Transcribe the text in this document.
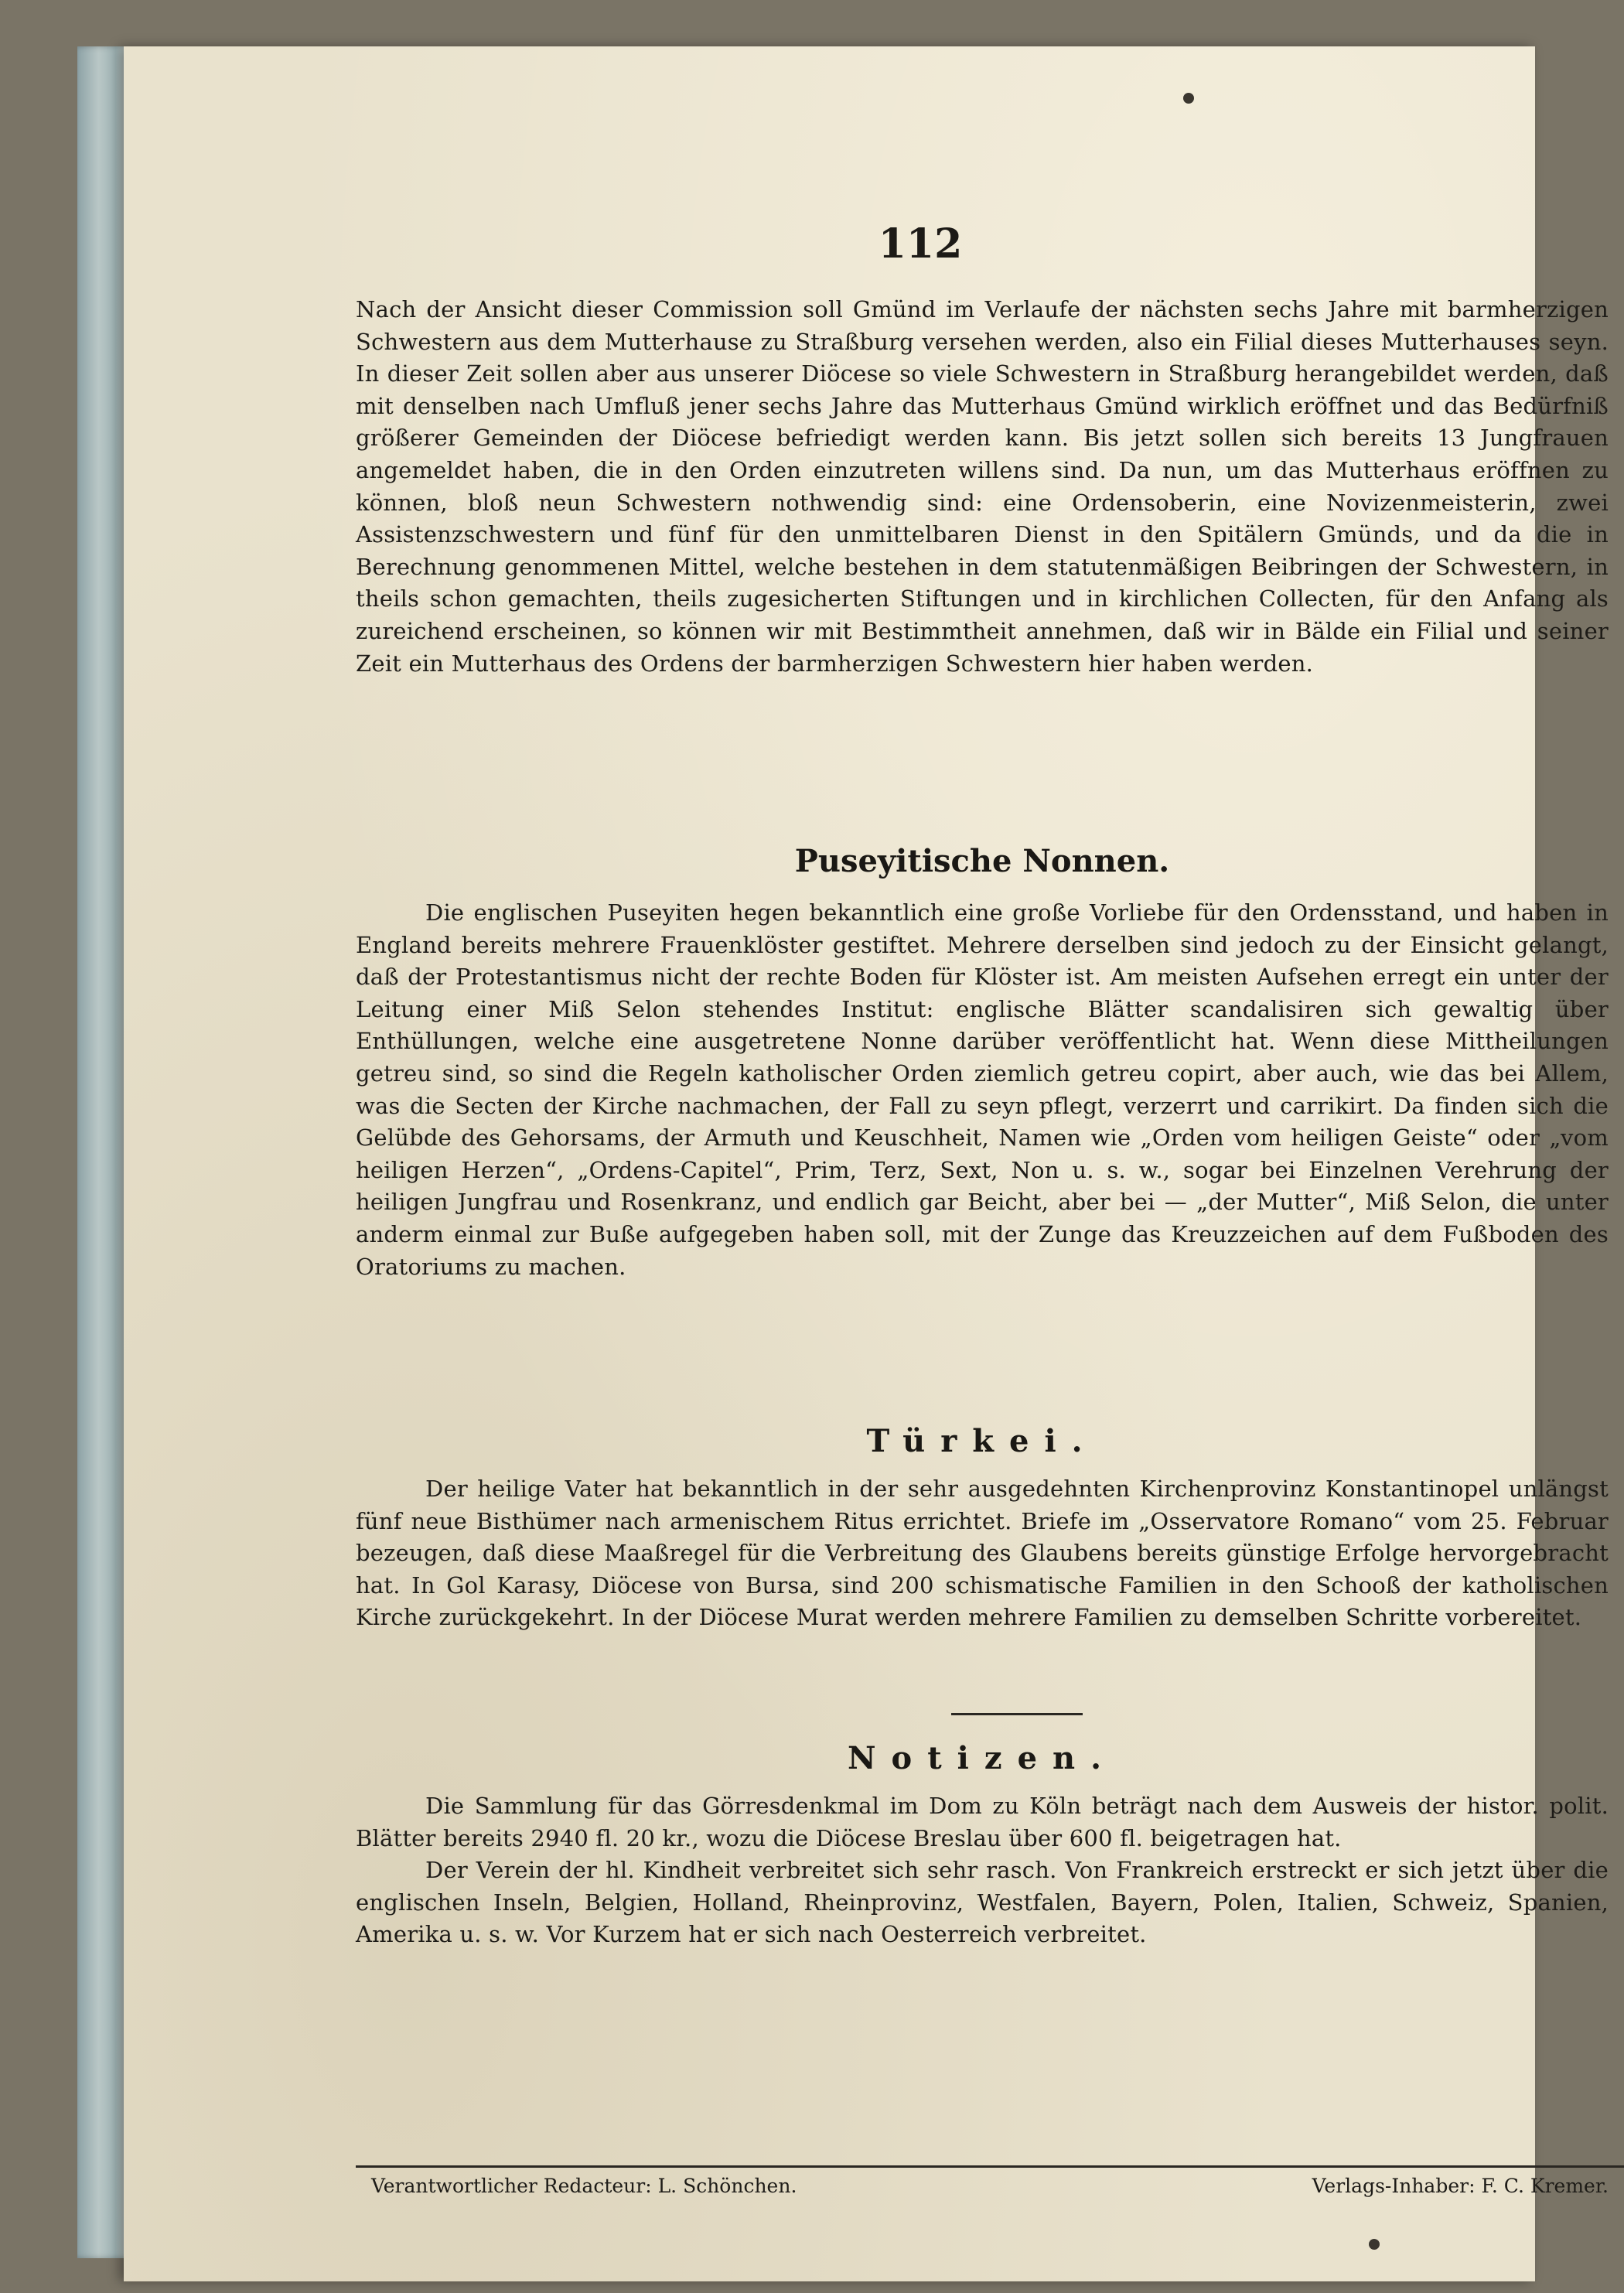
112

Nach der Ansicht dieser Commission soll Gmünd im Verlaufe der nächsten sechs Jahre mit barmherzigen Schwestern aus dem Mutterhause zu Straßburg versehen werden, also ein Filial dieses Mutterhauses seyn. In dieser Zeit sollen aber aus unserer Diöcese so viele Schwestern in Straßburg herangebildet werden, daß mit denselben nach Umfluß jener sechs Jahre das Mutterhaus Gmünd wirklich eröffnet und das Bedürfniß größerer Gemeinden der Diöcese befriedigt werden kann. Bis jetzt sollen sich bereits 13 Jungfrauen angemeldet haben, die in den Orden einzutreten willens sind. Da nun, um das Mutterhaus eröffnen zu können, bloß neun Schwestern nothwendig sind: eine Ordensoberin, eine Novizenmeisterin, zwei Assistenzschwestern und fünf für den unmittelbaren Dienst in den Spitälern Gmünds, und da die in Berechnung genommenen Mittel, welche bestehen in dem statutenmäßigen Beibringen der Schwestern, in theils schon gemachten, theils zugesicherten Stiftungen und in kirchlichen Collecten, für den Anfang als zureichend erscheinen, so können wir mit Bestimmtheit annehmen, daß wir in Bälde ein Filial und seiner Zeit ein Mutterhaus des Ordens der barmherzigen Schwestern hier haben werden.

Puseyitische Nonnen.

Die englischen Puseyiten hegen bekanntlich eine große Vorliebe für den Ordensstand, und haben in England bereits mehrere Frauenklöster gestiftet. Mehrere derselben sind jedoch zu der Einsicht gelangt, daß der Protestantismus nicht der rechte Boden für Klöster ist. Am meisten Aufsehen erregt ein unter der Leitung einer Miß Selon stehendes Institut: englische Blätter scandalisiren sich gewaltig über Enthüllungen, welche eine ausgetretene Nonne darüber veröffentlicht hat. Wenn diese Mittheilungen getreu sind, so sind die Regeln katholischer Orden ziemlich getreu copirt, aber auch, wie das bei Allem, was die Secten der Kirche nachmachen, der Fall zu seyn pflegt, verzerrt und carrikirt. Da finden sich die Gelübde des Gehorsams, der Armuth und Keuschheit, Namen wie „Orden vom heiligen Geiste“ oder „vom heiligen Herzen“, „Ordens-Capitel“, Prim, Terz, Sext, Non u. s. w., sogar bei Einzelnen Verehrung der heiligen Jungfrau und Rosenkranz, und endlich gar Beicht, aber bei — „der Mutter“, Miß Selon, die unter anderm einmal zur Buße aufgegeben haben soll, mit der Zunge das Kreuzzeichen auf dem Fußboden des Oratoriums zu machen.

Türkei.

Der heilige Vater hat bekanntlich in der sehr ausgedehnten Kirchenprovinz Konstantinopel unlängst fünf neue Bisthümer nach armenischem Ritus errichtet. Briefe im „Osservatore Romano“ vom 25. Februar bezeugen, daß diese Maaßregel für die Verbreitung des Glaubens bereits günstige Erfolge hervorgebracht hat. In Gol Karasy, Diöcese von Bursa, sind 200 schismatische Familien in den Schooß der katholischen Kirche zurückgekehrt. In der Diöcese Murat werden mehrere Familien zu demselben Schritte vorbereitet.

Notizen.

Die Sammlung für das Görresdenkmal im Dom zu Köln beträgt nach dem Ausweis der histor. polit. Blätter bereits 2940 fl. 20 kr., wozu die Diöcese Breslau über 600 fl. beigetragen hat.

Der Verein der hl. Kindheit verbreitet sich sehr rasch. Von Frankreich erstreckt er sich jetzt über die englischen Inseln, Belgien, Holland, Rheinprovinz, Westfalen, Bayern, Polen, Italien, Schweiz, Spanien, Amerika u. s. w. Vor Kurzem hat er sich nach Oesterreich verbreitet.

Verantwortlicher Redacteur: L. Schönchen.	Verlags-Inhaber: F. C. Kremer.
